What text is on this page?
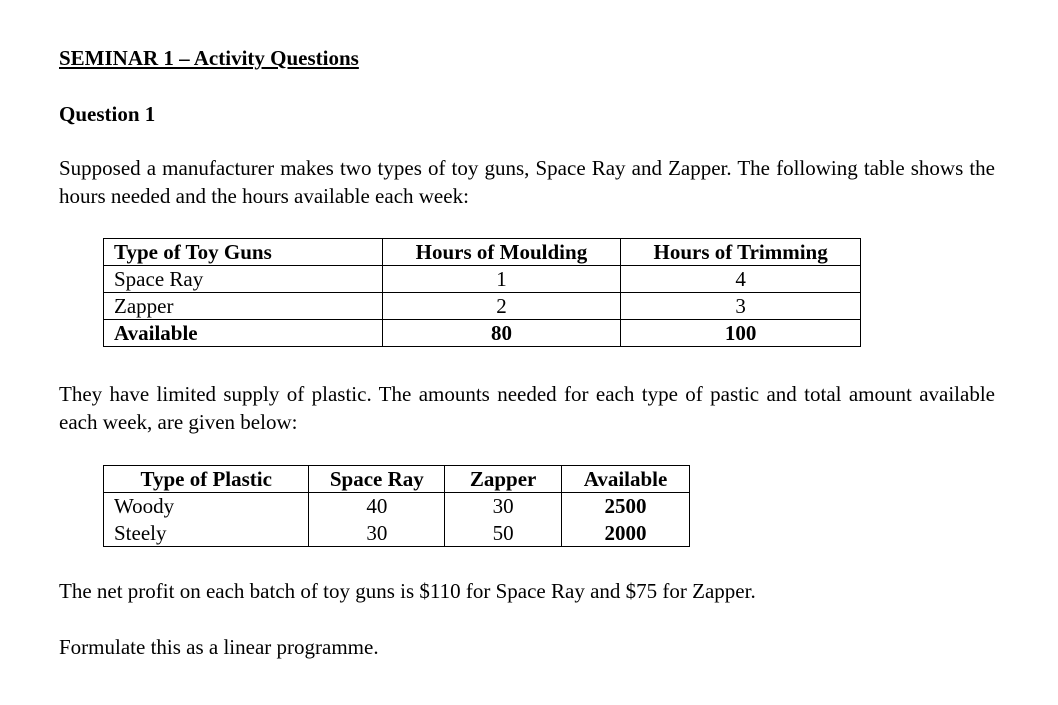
SEMINAR 1 – Activity Questions

Question 1

Supposed a manufacturer makes two types of toy guns, Space Ray and Zapper. The following table shows the hours needed and the hours available each week:

Type of Toy Guns	Hours of Moulding	Hours of Trimming
Space Ray	1	4
Zapper	2	3
Available	80	100

They have limited supply of plastic. The amounts needed for each type of pastic and total amount available each week, are given below:

Type of Plastic	Space Ray	Zapper	Available
Woody	40	30	2500
Steely	30	50	2000

The net profit on each batch of toy guns is $110 for Space Ray and $75 for Zapper.

Formulate this as a linear programme.
